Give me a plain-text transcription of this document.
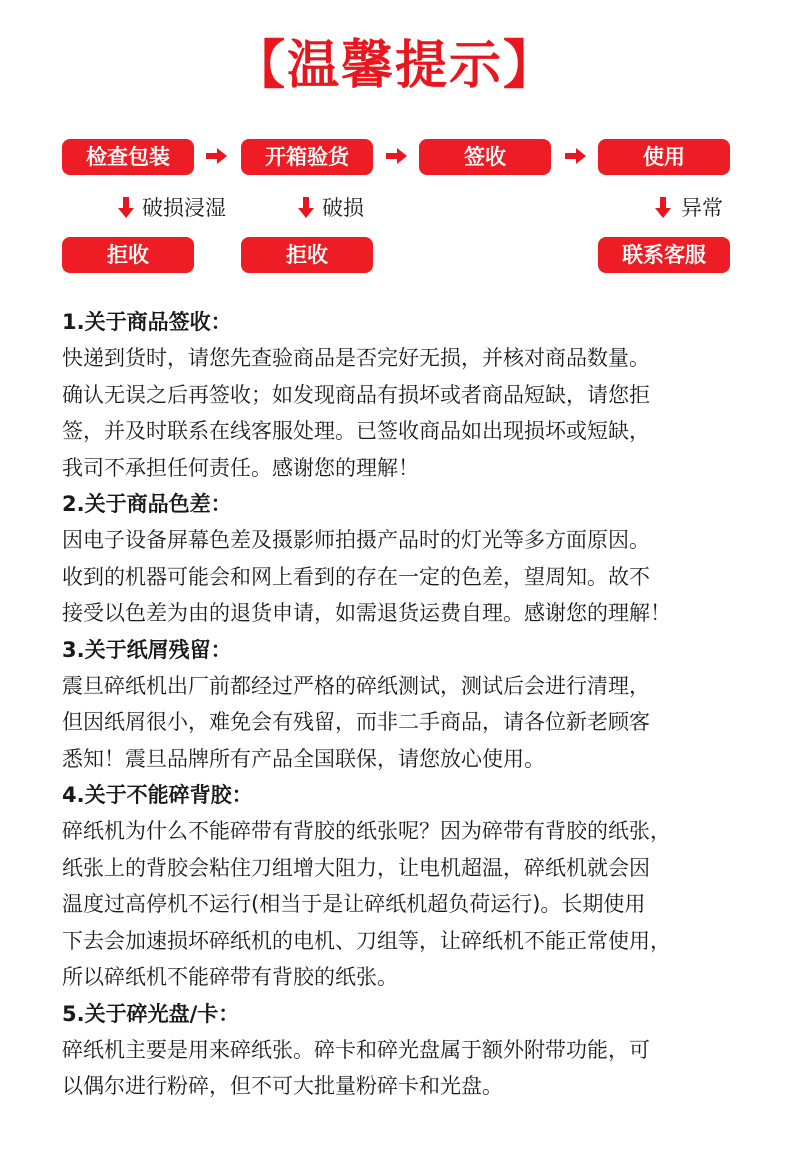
【温馨提示】
检查包装	开箱验货	签收	使用
破损浸湿	破损	异常
拒收	拒收	联系客服

1.关于商品签收：

快递到货时，请您先查验商品是否完好无损，并核对商品数量。

确认无误之后再签收；如发现商品有损坏或者商品短缺，请您拒

签，并及时联系在线客服处理。已签收商品如出现损坏或短缺，

我司不承担任何责任。感谢您的理解！

2.关于商品色差：

因电子设备屏幕色差及摄影师拍摄产品时的灯光等多方面原因。

收到的机器可能会和网上看到的存在一定的色差，望周知。故不

接受以色差为由的退货申请，如需退货运费自理。感谢您的理解！

3.关于纸屑残留：

震旦碎纸机出厂前都经过严格的碎纸测试，测试后会进行清理，

但因纸屑很小，难免会有残留，而非二手商品，请各位新老顾客

悉知！震旦品牌所有产品全国联保，请您放心使用。

4.关于不能碎背胶：

碎纸机为什么不能碎带有背胶的纸张呢？因为碎带有背胶的纸张，

纸张上的背胶会粘住刀组增大阻力，让电机超温，碎纸机就会因

温度过高停机不运行(相当于是让碎纸机超负荷运行)。长期使用

下去会加速损坏碎纸机的电机、刀组等，让碎纸机不能正常使用，

所以碎纸机不能碎带有背胶的纸张。

5.关于碎光盘/卡：

碎纸机主要是用来碎纸张。碎卡和碎光盘属于额外附带功能，可

以偶尔进行粉碎，但不可大批量粉碎卡和光盘。
